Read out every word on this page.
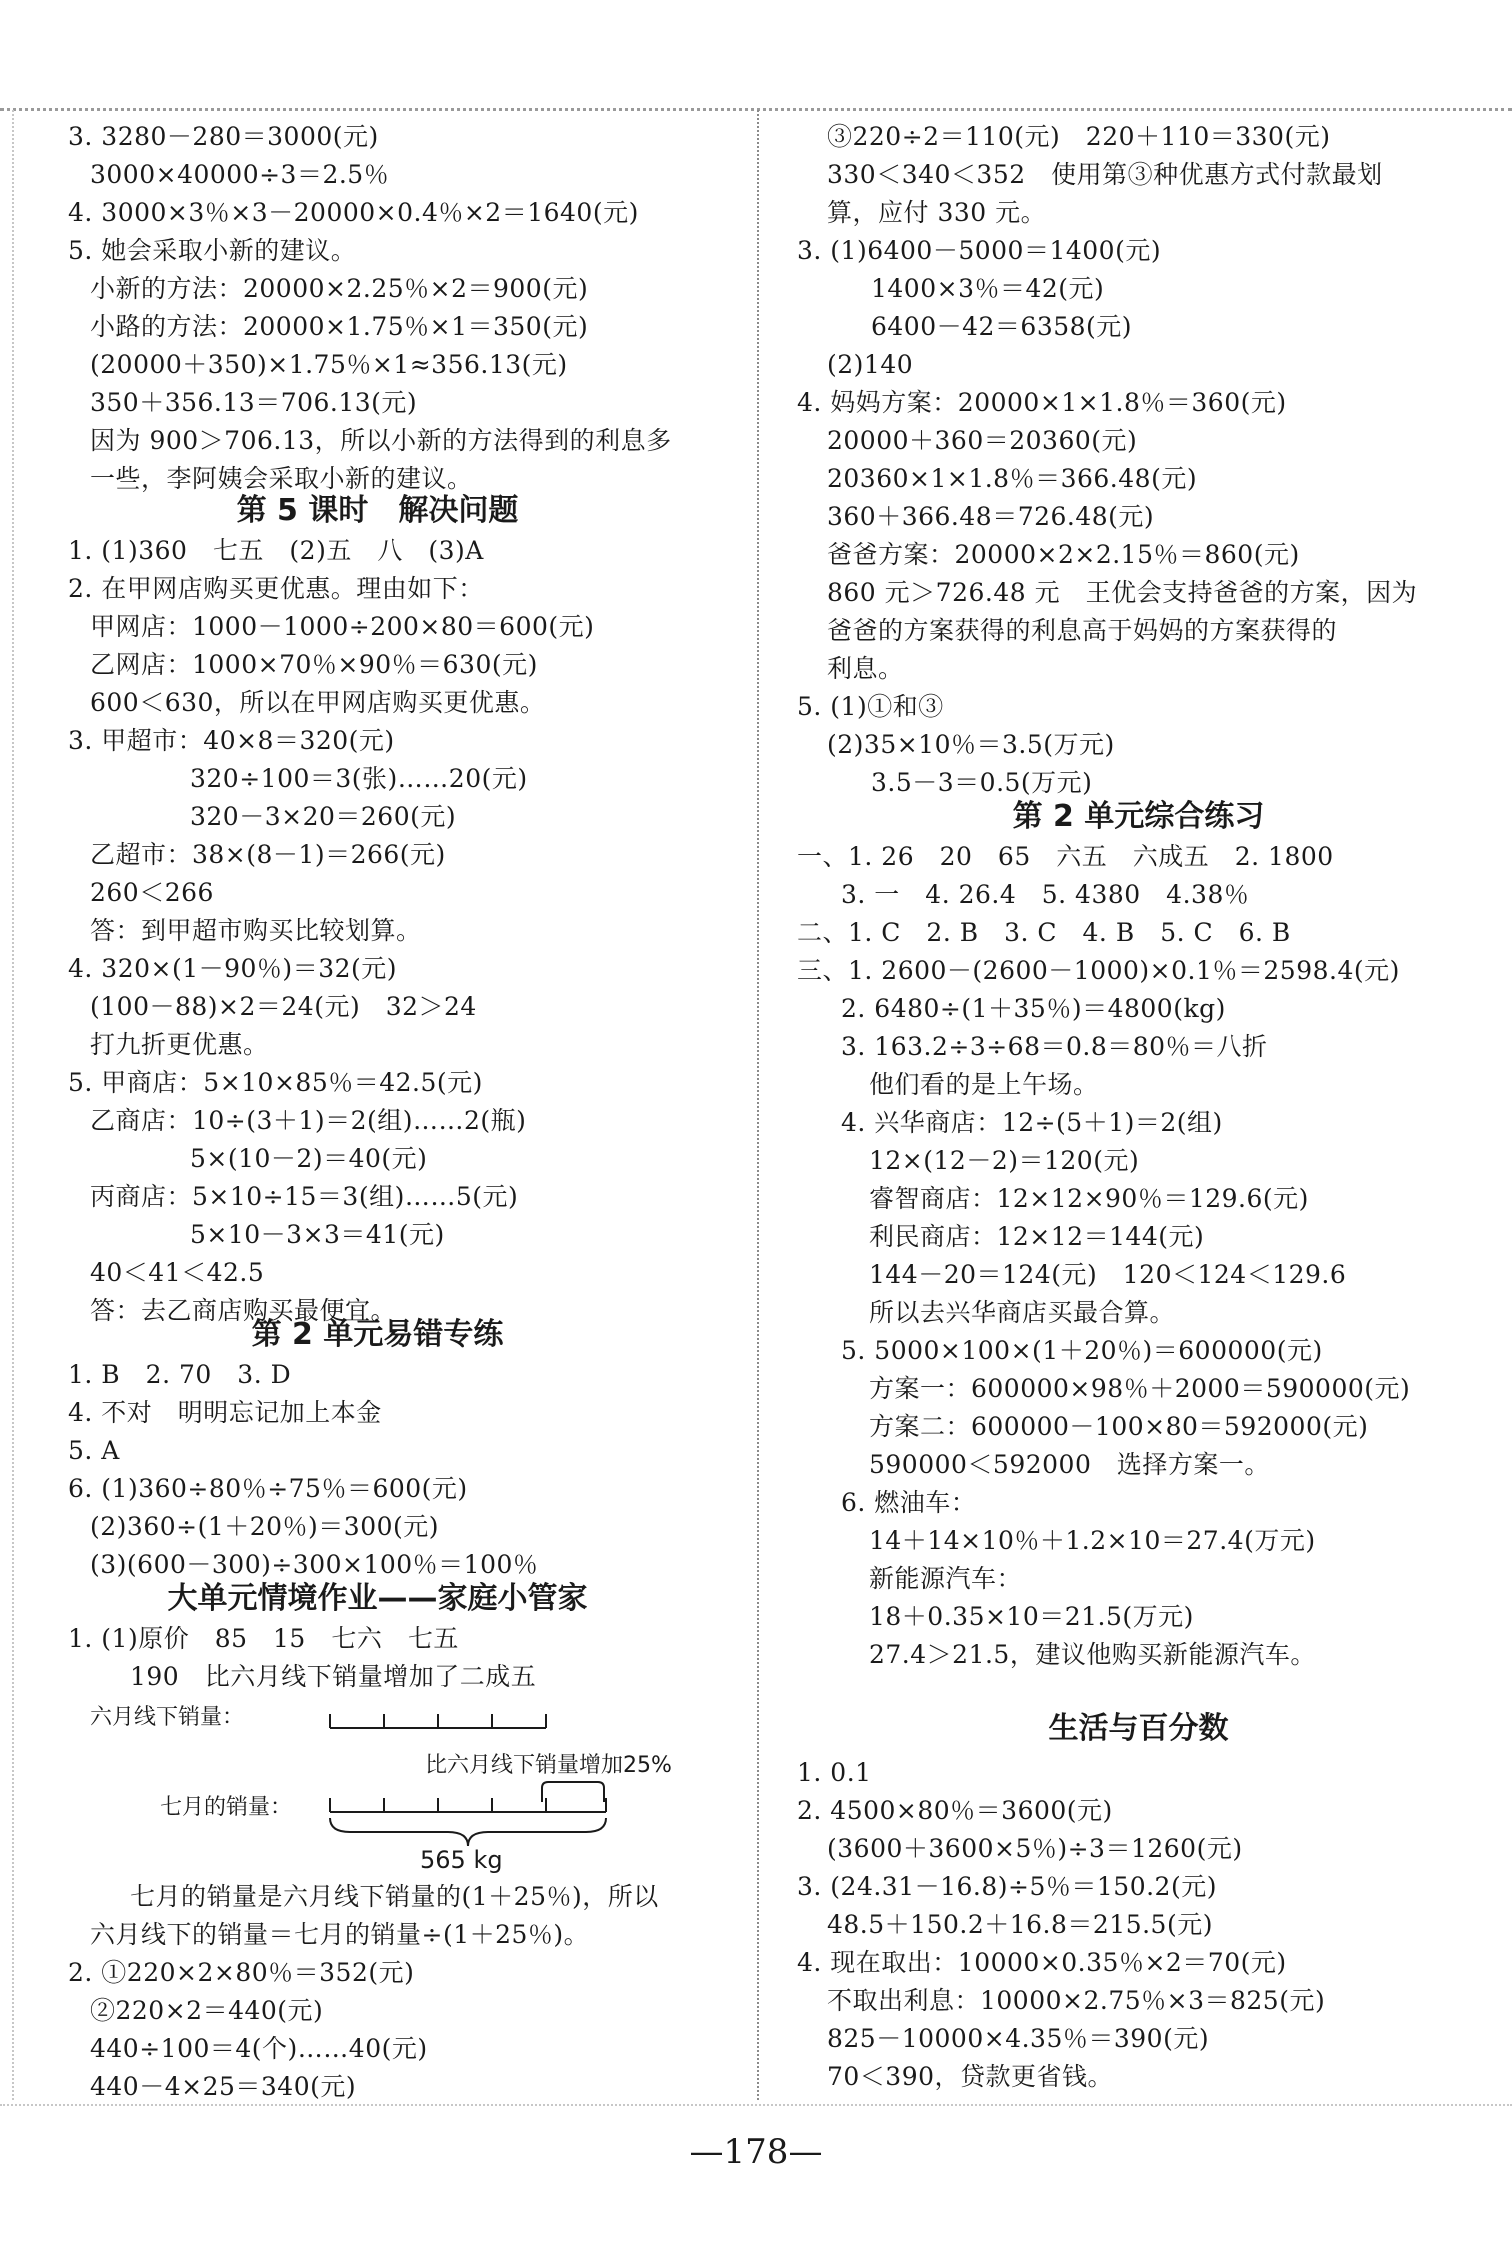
3. 3280－280＝3000(元)
3000×40000÷3＝2.5％
4. 3000×3％×3－20000×0.4％×2＝1640(元)
5. 她会采取小新的建议。
小新的方法：20000×2.25％×2＝900(元)
小路的方法：20000×1.75％×1＝350(元)
(20000＋350)×1.75％×1≈356.13(元)
350＋356.13＝706.13(元)
因为 900＞706.13，所以小新的方法得到的利息多
一些，李阿姨会采取小新的建议。
第 5 课时　解决问题
1. (1)360　七五　(2)五　八　(3)A
2. 在甲网店购买更优惠。理由如下：
甲网店：1000－1000÷200×80＝600(元)
乙网店：1000×70％×90％＝630(元)
600＜630，所以在甲网店购买更优惠。
3. 甲超市：40×8＝320(元)
320÷100＝3(张)……20(元)
320－3×20＝260(元)
乙超市：38×(8－1)＝266(元)
260＜266
答：到甲超市购买比较划算。
4. 320×(1－90％)＝32(元)
(100－88)×2＝24(元)　32＞24
打九折更优惠。
5. 甲商店：5×10×85％＝42.5(元)
乙商店：10÷(3＋1)＝2(组)……2(瓶)
5×(10－2)＝40(元)
丙商店：5×10÷15＝3(组)……5(元)
5×10－3×3＝41(元)
40＜41＜42.5
答：去乙商店购买最便宜。
第 2 单元易错专练
1. B　2. 70　3. D
4. 不对　明明忘记加上本金
5. A
6. (1)360÷80％÷75％＝600(元)
(2)360÷(1＋20％)＝300(元)
(3)(600－300)÷300×100％＝100％
大单元情境作业——家庭小管家
1. (1)原价　85　15　七六　七五
190　比六月线下销量增加了二成五
六月线下销量：
比六月线下销量增加25%
七月的销量：
565 kg
七月的销量是六月线下销量的(1＋25％)，所以
六月线下的销量＝七月的销量÷(1＋25％)。
2. ①220×2×80％＝352(元)
②220×2＝440(元)
440÷100＝4(个)……40(元)
440－4×25＝340(元)
③220÷2＝110(元)　220＋110＝330(元)
330＜340＜352　使用第③种优惠方式付款最划
算，应付 330 元。
3. (1)6400－5000＝1400(元)
1400×3％＝42(元)
6400－42＝6358(元)
(2)140
4. 妈妈方案：20000×1×1.8％＝360(元)
20000＋360＝20360(元)
20360×1×1.8％＝366.48(元)
360＋366.48＝726.48(元)
爸爸方案：20000×2×2.15％＝860(元)
860 元＞726.48 元　王优会支持爸爸的方案，因为
爸爸的方案获得的利息高于妈妈的方案获得的
利息。
5. (1)①和③
(2)35×10％＝3.5(万元)
3.5－3＝0.5(万元)
第 2 单元综合练习
一、1. 26　20　65　六五　六成五　2. 1800
3. 一　4. 26.4　5. 4380　4.38％
二、1. C　2. B　3. C　4. B　5. C　6. B
三、1. 2600－(2600－1000)×0.1％＝2598.4(元)
2. 6480÷(1＋35％)＝4800(kg)
3. 163.2÷3÷68＝0.8＝80％＝八折
他们看的是上午场。
4. 兴华商店：12÷(5＋1)＝2(组)
12×(12－2)＝120(元)
睿智商店：12×12×90％＝129.6(元)
利民商店：12×12＝144(元)
144－20＝124(元)　120＜124＜129.6
所以去兴华商店买最合算。
5. 5000×100×(1＋20％)＝600000(元)
方案一：600000×98％＋2000＝590000(元)
方案二：600000－100×80＝592000(元)
590000＜592000　选择方案一。
6. 燃油车：
14＋14×10％＋1.2×10＝27.4(万元)
新能源汽车：
18＋0.35×10＝21.5(万元)
27.4＞21.5，建议他购买新能源汽车。
生活与百分数
1. 0.1
2. 4500×80％＝3600(元)
(3600＋3600×5％)÷3＝1260(元)
3. (24.31－16.8)÷5％＝150.2(元)
48.5＋150.2＋16.8＝215.5(元)
4. 现在取出：10000×0.35％×2＝70(元)
不取出利息：10000×2.75％×3＝825(元)
825－10000×4.35％＝390(元)
70＜390，贷款更省钱。
—178—
